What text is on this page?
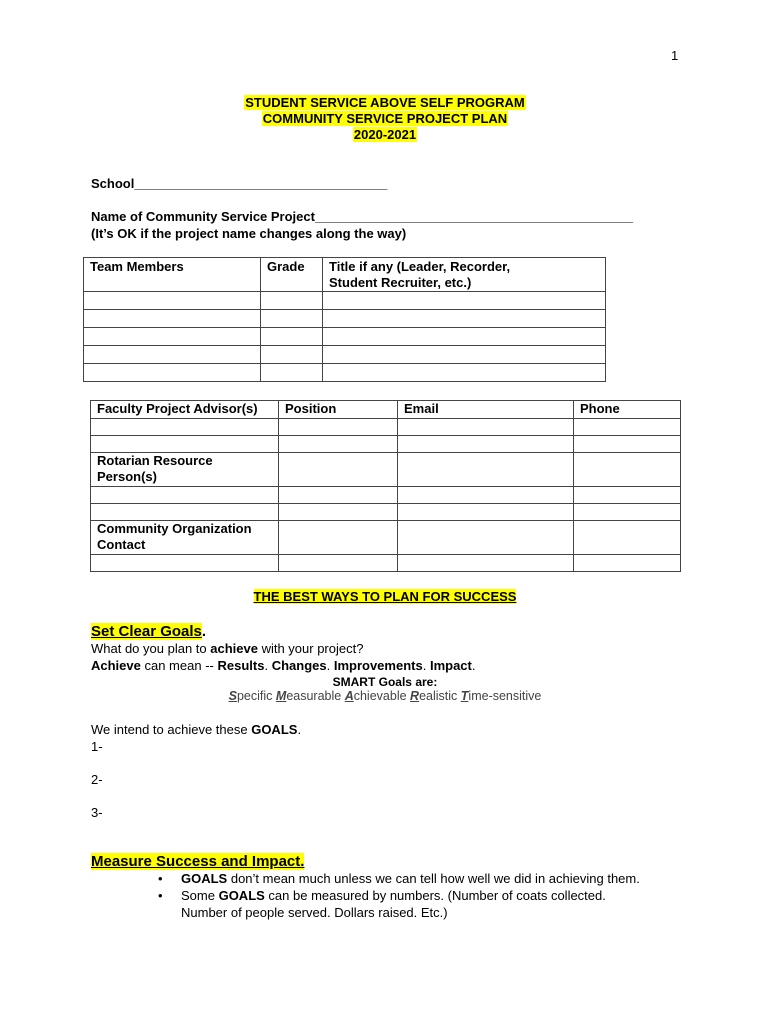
1
STUDENT SERVICE ABOVE SELF PROGRAM
COMMUNITY SERVICE PROJECT PLAN
2020-2021
School___________________________________
Name of Community Service Project____________________________________________
(It’s OK if the project name changes along the way)
Team Members	Grade	Title if any (Leader, Recorder,
Student Recruiter, etc.)

Faculty Project Advisor(s)	Position	Email	Phone

Rotarian Resource
Person(s)			

Community Organization
Contact			

THE BEST WAYS TO PLAN FOR SUCCESS
Set Clear Goals.
What do you plan to achieve with your project?
Achieve can mean -- Results. Changes. Improvements. Impact.
SMART Goals are:
Specific Measurable Achievable Realistic Time-sensitive
We intend to achieve these GOALS.
1-
2-
3-
Measure Success and Impact.
• GOALS don’t mean much unless we can tell how well we did in achieving them.
• Some GOALS can be measured by numbers. (Number of coats collected.
Number of people served. Dollars raised. Etc.)
